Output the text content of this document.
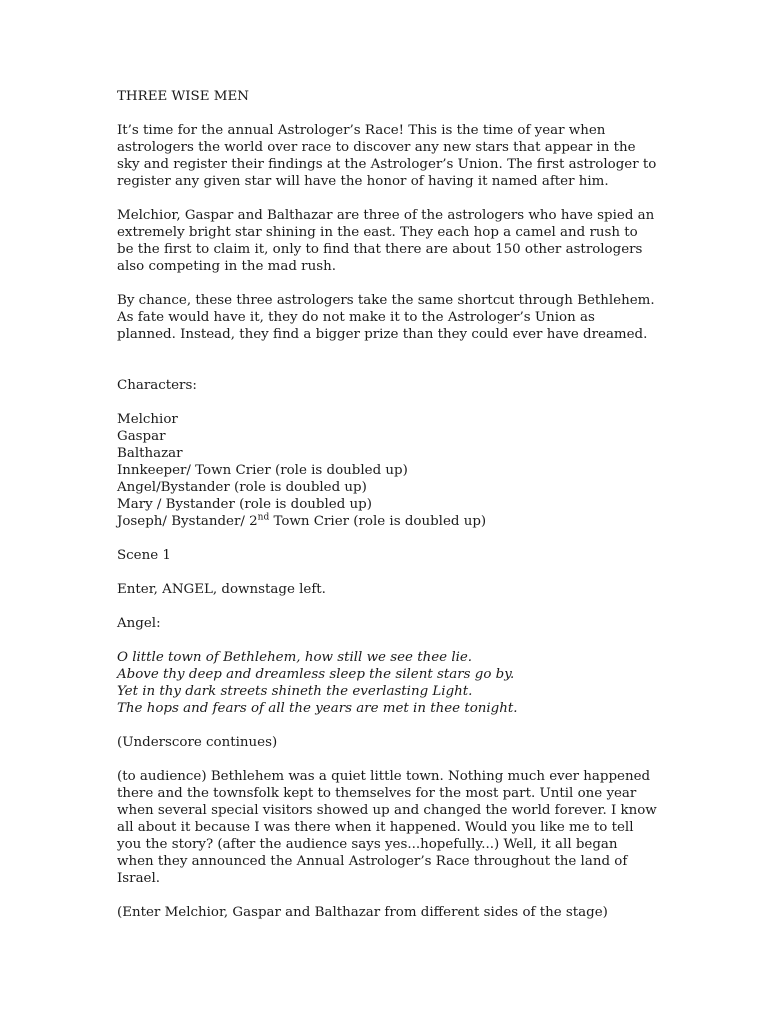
THREE WISE MEN

It’s time for the annual Astrologer’s Race! This is the time of year when astrologers the world over race to discover any new stars that appear in the sky and register their findings at the Astrologer’s Union. The first astrologer to register any given star will have the honor of having it named after him.

Melchior, Gaspar and Balthazar are three of the astrologers who have spied an extremely bright star shining in the east. They each hop a camel and rush to be the first to claim it, only to find that there are about 150 other astrologers also competing in the mad rush.

By chance, these three astrologers take the same shortcut through Bethlehem. As fate would have it, they do not make it to the Astrologer’s Union as planned. Instead, they find a bigger prize than they could ever have dreamed.

Characters:

Melchior
Gaspar
Balthazar
Innkeeper/ Town Crier (role is doubled up)
Angel/Bystander (role is doubled up)
Mary / Bystander (role is doubled up)
Joseph/ Bystander/ 2nd Town Crier (role is doubled up)

Scene 1

Enter, ANGEL, downstage left.

Angel:

O little town of Bethlehem, how still we see thee lie.
Above thy deep and dreamless sleep the silent stars go by.
Yet in thy dark streets shineth the everlasting Light.
The hops and fears of all the years are met in thee tonight.

(Underscore continues)

(to audience) Bethlehem was a quiet little town. Nothing much ever happened there and the townsfolk kept to themselves for the most part. Until one year when several special visitors showed up and changed the world forever. I know all about it because I was there when it happened. Would you like me to tell you the story? (after the audience says yes...hopefully...) Well, it all began when they announced the Annual Astrologer’s Race throughout the land of Israel.

(Enter Melchior, Gaspar and Balthazar from different sides of the stage)
